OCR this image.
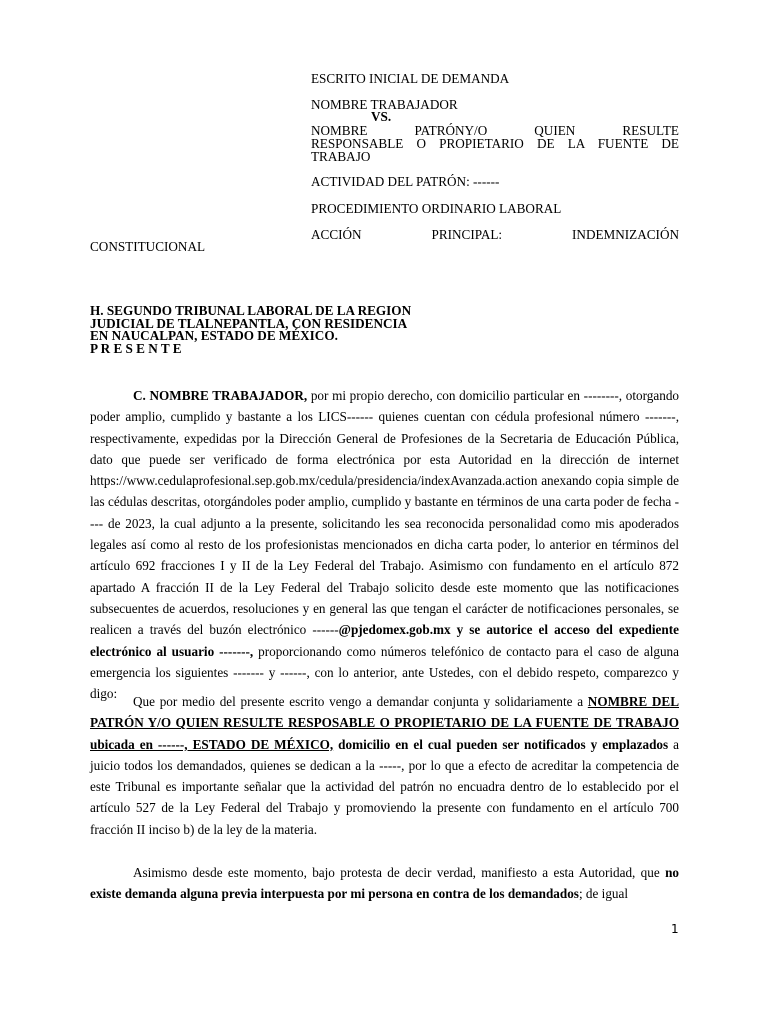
ESCRITO INICIAL DE DEMANDA
NOMBRE TRABAJADOR
VS.
NOMBRE PATRÓNY/O QUIEN RESULTE
RESPONSABLE O PROPIETARIO DE LA FUENTE DE
TRABAJO
ACTIVIDAD DEL PATRÓN: ------
PROCEDIMIENTO ORDINARIO LABORAL
ACCIÓN PRINCIPAL: INDEMNIZACIÓN
CONSTITUCIONAL
H. SEGUNDO TRIBUNAL LABORAL DE LA REGION
JUDICIAL DE TLALNEPANTLA, CON RESIDENCIA
EN NAUCALPAN, ESTADO DE MÉXICO.
P R E S E N T E
C. NOMBRE TRABAJADOR, por mi propio derecho, con domicilio particular en --------, otorgando poder amplio, cumplido y bastante a los LICS------ quienes cuentan con cédula profesional número -------, respectivamente, expedidas por la Dirección General de Profesiones de la Secretaria de Educación Pública, dato que puede ser verificado de forma electrónica por esta Autoridad en la dirección de internet https://www.cedulaprofesional.sep.gob.mx/cedula/presidencia/indexAvanzada.action anexando copia simple de las cédulas descritas, otorgándoles poder amplio, cumplido y bastante en términos de una carta poder de fecha ---- de 2023, la cual adjunto a la presente, solicitando les sea reconocida personalidad como mis apoderados legales así como al resto de los profesionistas mencionados en dicha carta poder, lo anterior en términos del artículo 692 fracciones I y II de la Ley Federal del Trabajo. Asimismo con fundamento en el artículo 872 apartado A fracción II de la Ley Federal del Trabajo solicito desde este momento que las notificaciones subsecuentes de acuerdos, resoluciones y en general las que tengan el carácter de notificaciones personales, se realicen a través del buzón electrónico ------@pjedomex.gob.mx y se autorice el acceso del expediente electrónico al usuario -------, proporcionando como números telefónico de contacto para el caso de alguna emergencia los siguientes ------- y ------, con lo anterior, ante Ustedes, con el debido respeto, comparezco y digo:
Que por medio del presente escrito vengo a demandar conjunta y solidariamente a NOMBRE DEL PATRÓN Y/O QUIEN RESULTE RESPOSABLE O PROPIETARIO DE LA FUENTE DE TRABAJO ubicada en ------, ESTADO DE MÉXICO, domicilio en el cual pueden ser notificados y emplazados a juicio todos los demandados, quienes se dedican a la -----, por lo que a efecto de acreditar la competencia de este Tribunal es importante señalar que la actividad del patrón no encuadra dentro de lo establecido por el artículo 527 de la Ley Federal del Trabajo y promoviendo la presente con fundamento en el artículo 700 fracción II inciso b) de la ley de la materia.
Asimismo desde este momento, bajo protesta de decir verdad, manifiesto a esta Autoridad, que no existe demanda alguna previa interpuesta por mi persona en contra de los demandados; de igual
1
